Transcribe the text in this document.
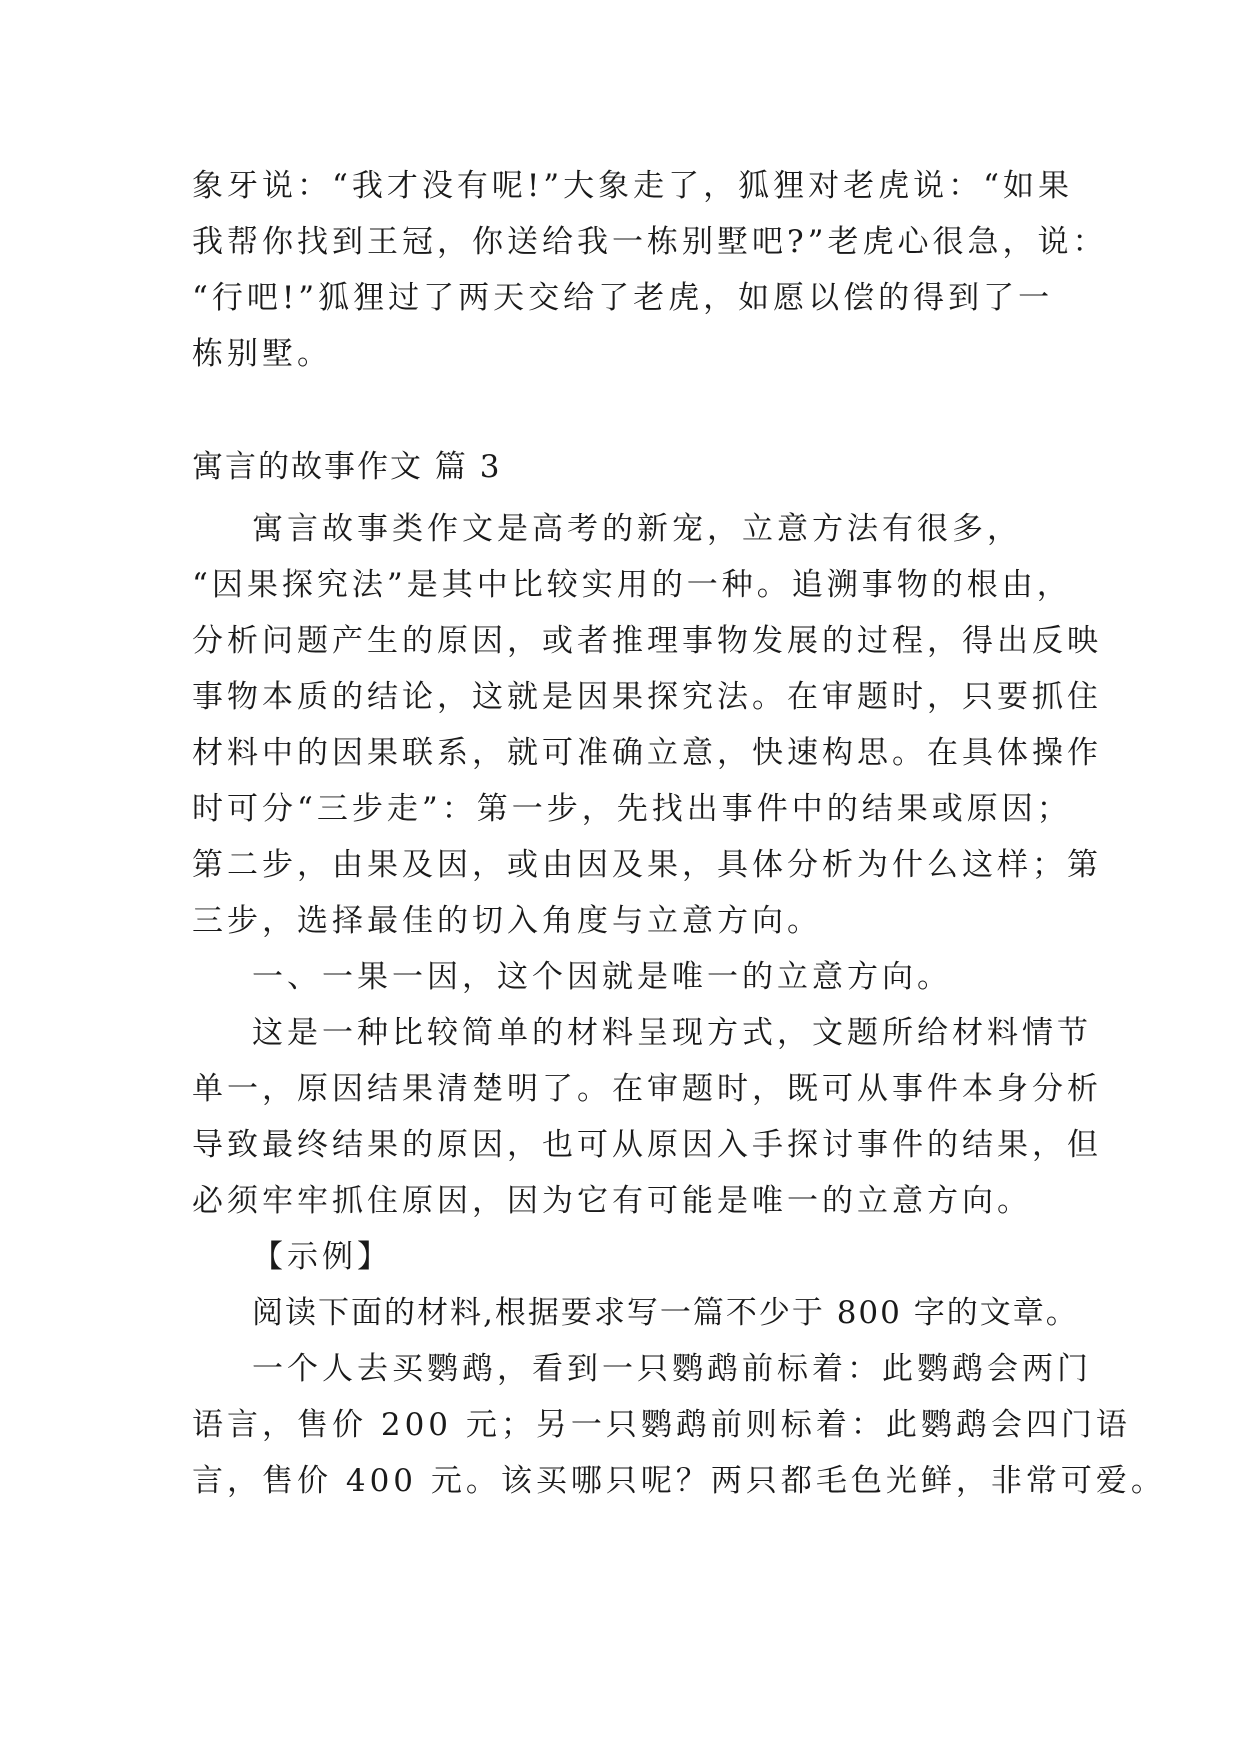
象牙说：“我才没有呢!”大象走了，狐狸对老虎说：“如果
我帮你找到王冠，你送给我一栋别墅吧?”老虎心很急，说：
“行吧!”狐狸过了两天交给了老虎，如愿以偿的得到了一
栋别墅。
寓言的故事作文 篇 3
寓言故事类作文是高考的新宠，立意方法有很多，
“因果探究法”是其中比较实用的一种。追溯事物的根由，
分析问题产生的原因，或者推理事物发展的过程，得出反映
事物本质的结论，这就是因果探究法。在审题时，只要抓住
材料中的因果联系，就可准确立意，快速构思。在具体操作
时可分“三步走”：第一步，先找出事件中的结果或原因；
第二步，由果及因，或由因及果，具体分析为什么这样；第
三步，选择最佳的切入角度与立意方向。
一、一果一因，这个因就是唯一的立意方向。
这是一种比较简单的材料呈现方式，文题所给材料情节
单一，原因结果清楚明了。在审题时，既可从事件本身分析
导致最终结果的原因，也可从原因入手探讨事件的结果，但
必须牢牢抓住原因，因为它有可能是唯一的立意方向。
【示例】
阅读下面的材料,根据要求写一篇不少于 800 字的文章。
一个人去买鹦鹉，看到一只鹦鹉前标着：此鹦鹉会两门
语言，售价 200 元；另一只鹦鹉前则标着：此鹦鹉会四门语
言，售价 400 元。该买哪只呢？两只都毛色光鲜，非常可爱。
